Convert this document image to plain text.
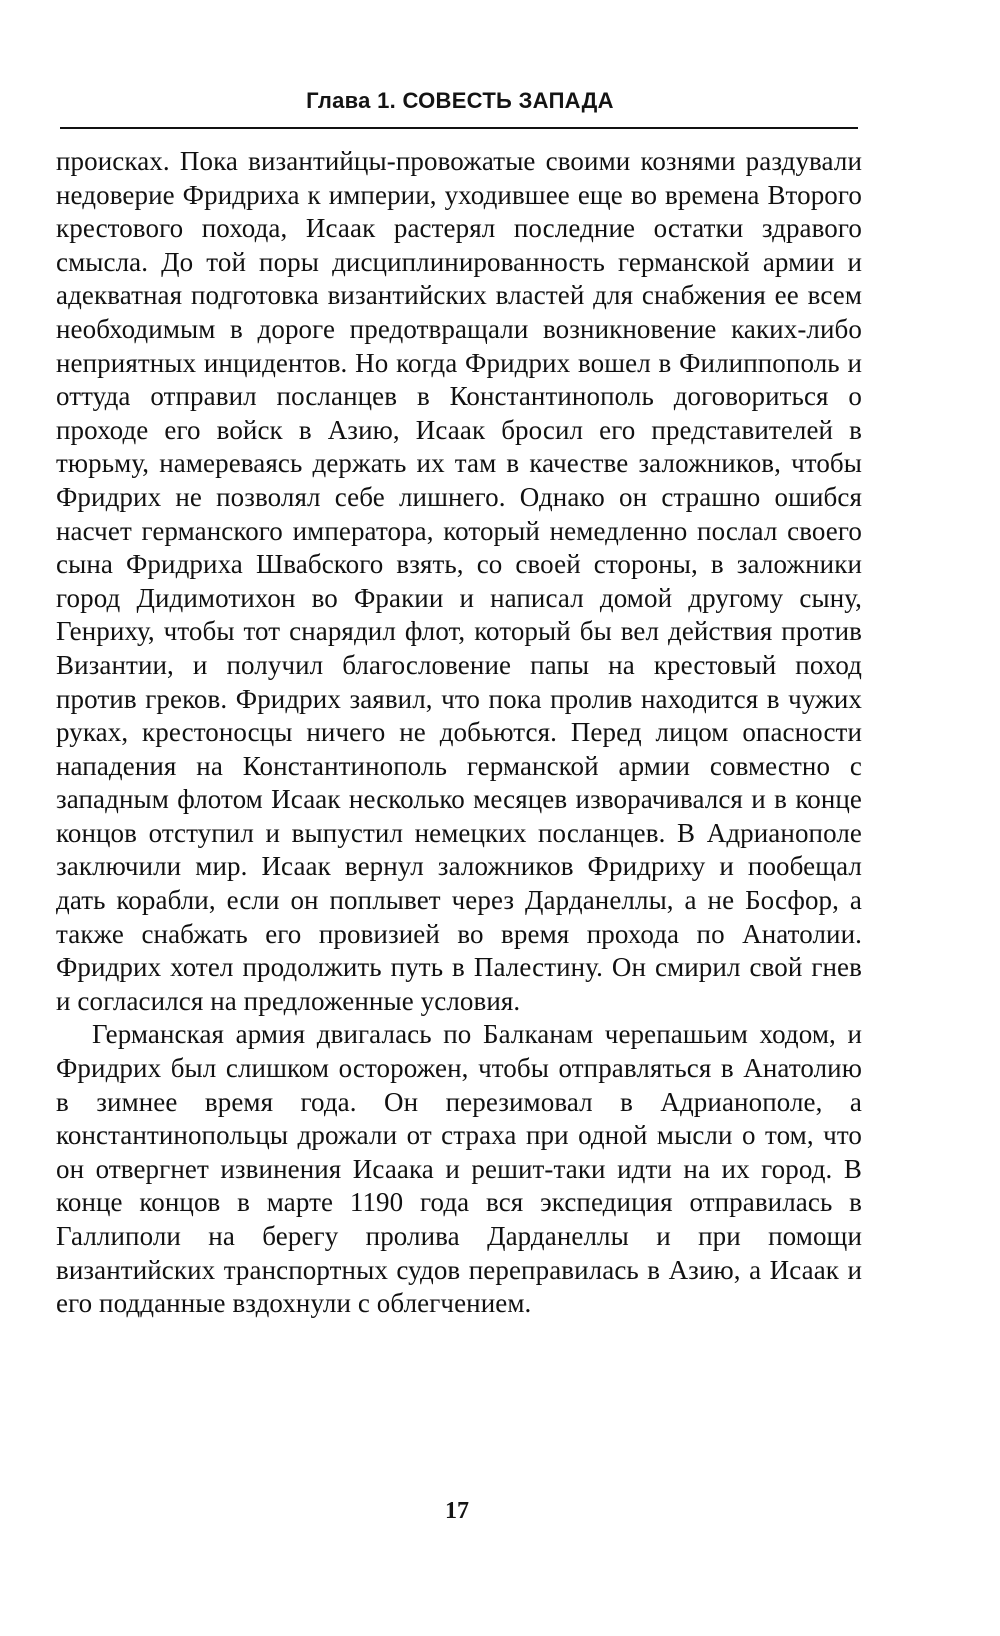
Глава 1. СОВЕСТЬ ЗАПАДА

происках. Пока византийцы-провожатые своими кознями раздували недоверие Фридриха к империи, уходившее еще во времена Второго крестового похода, Исаак растерял последние остатки здравого смысла. До той поры дисциплинированность германской армии и адекватная подготовка византийских властей для снабжения ее всем необходимым в дороге предотвращали возникновение каких-либо неприятных инцидентов. Но когда Фридрих вошел в Филиппополь и оттуда отправил посланцев в Константинополь договориться о проходе его войск в Азию, Исаак бросил его представителей в тюрьму, намереваясь держать их там в качестве заложников, чтобы Фридрих не позволял себе лишнего. Однако он страшно ошибся насчет германского императора, который немедленно послал своего сына Фридриха Швабского взять, со своей стороны, в заложники город Дидимотихон во Фракии и написал домой другому сыну, Генриху, чтобы тот снарядил флот, который бы вел действия против Византии, и получил благословение папы на крестовый поход против греков. Фридрих заявил, что пока пролив находится в чужих руках, крестоносцы ничего не добьются. Перед лицом опасности нападения на Константинополь германской армии совместно с западным флотом Исаак несколько месяцев изворачивался и в конце концов отступил и выпустил немецких посланцев. В Адрианополе заключили мир. Исаак вернул заложников Фридриху и пообещал дать корабли, если он поплывет через Дарданеллы, а не Босфор, а также снабжать его провизией во время прохода по Анатолии. Фридрих хотел продолжить путь в Палестину. Он смирил свой гнев и согласился на предложенные условия.

Германская армия двигалась по Балканам черепашьим ходом, и Фридрих был слишком осторожен, чтобы отправляться в Анатолию в зимнее время года. Он перезимовал в Адрианополе, а константинопольцы дрожали от страха при одной мысли о том, что он отвергнет извинения Исаака и решит-таки идти на их город. В конце концов в марте 1190 года вся экспедиция отправилась в Галлиполи на берегу пролива Дарданеллы и при помощи византийских транспортных судов переправилась в Азию, а Исаак и его подданные вздохнули с облегчением.

17
